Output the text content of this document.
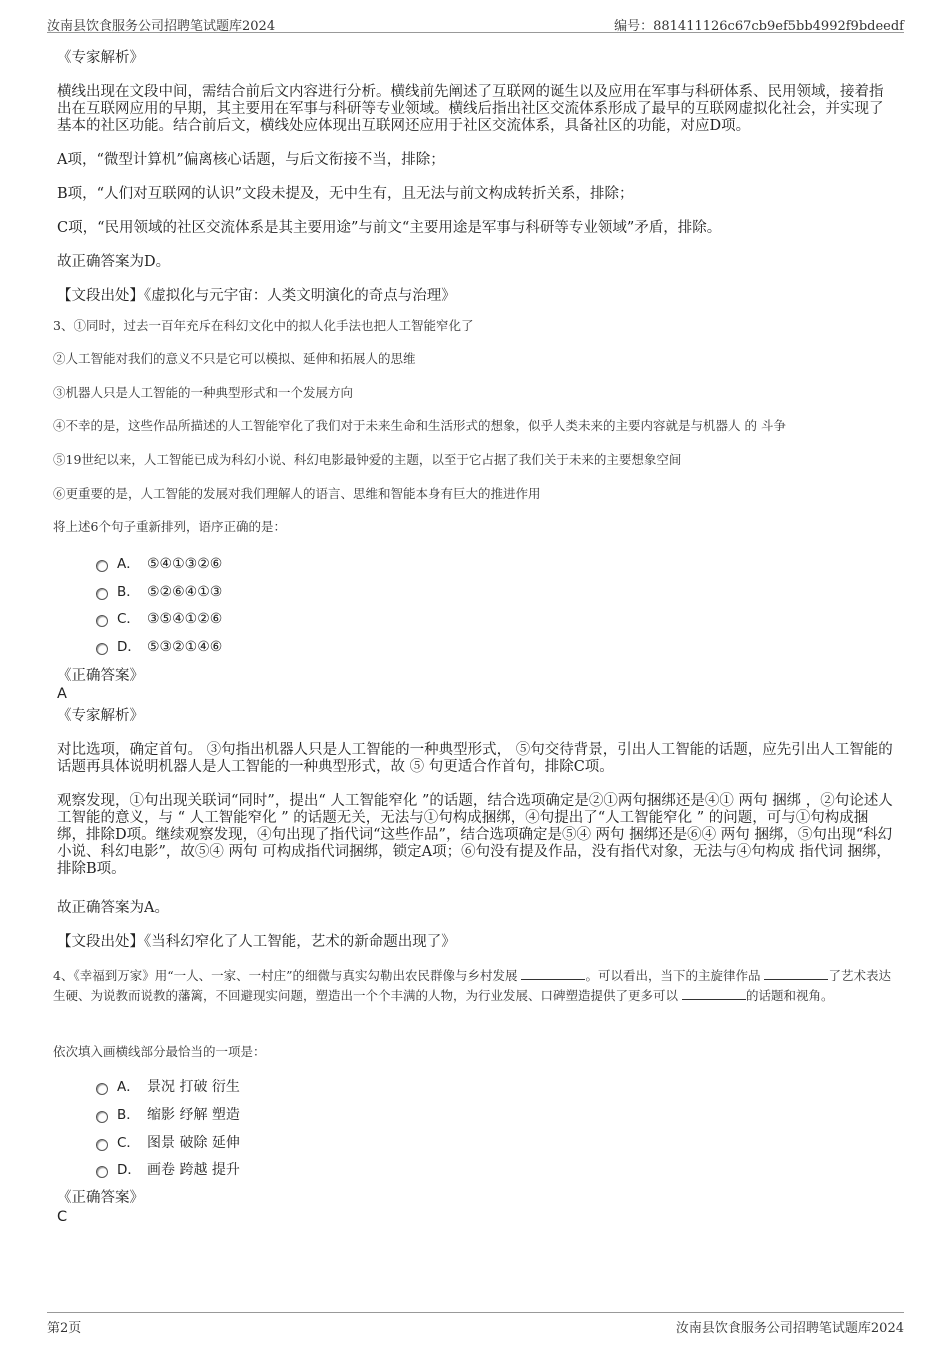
汝南县饮食服务公司招聘笔试题库2024	编号：881411126c67cb9ef5bb4992f9bdeedf
《专家解析》
横线出现在文段中间，需结合前后文内容进行分析。横线前先阐述了互联网的诞生以及应用在军事与科研体系、民用领域，接着指出在互联网应用的早期，其主要用在军事与科研等专业领域。横线后指出社区交流体系形成了最早的互联网虚拟化社会，并实现了基本的社区功能。结合前后文，横线处应体现出互联网还应用于社区交流体系，具备社区的功能，对应D项。
A项，“微型计算机”偏离核心话题，与后文衔接不当，排除；
B项，“人们对互联网的认识”文段未提及，无中生有，且无法与前文构成转折关系，排除；
C项，“民用领域的社区交流体系是其主要用途”与前文“主要用途是军事与科研等专业领域”矛盾，排除。
故正确答案为D。
【文段出处】《虚拟化与元宇宙：人类文明演化的奇点与治理》
3、①同时，过去一百年充斥在科幻文化中的拟人化手法也把人工智能窄化了
②人工智能对我们的意义不只是它可以模拟、延伸和拓展人的思维
③机器人只是人工智能的一种典型形式和一个发展方向
④不幸的是，这些作品所描述的人工智能窄化了我们对于未来生命和生活形式的想象，似乎人类未来的主要内容就是与机器人 的 斗争
⑤19世纪以来，人工智能已成为科幻小说、科幻电影最钟爱的主题，以至于它占据了我们关于未来的主要想象空间
⑥更重要的是，人工智能的发展对我们理解人的语言、思维和智能本身有巨大的推进作用
将上述6个句子重新排列，语序正确的是：
A． ⑤④①③②⑥
B． ⑤②⑥④①③
C． ③⑤④①②⑥
D． ⑤③②①④⑥
《正确答案》
A
《专家解析》
对比选项，确定首句。 ③句指出机器人只是人工智能的一种典型形式， ⑤句交待背景，引出人工智能的话题，应先引出人工智能的话题再具体说明机器人是人工智能的一种典型形式，故 ⑤ 句更适合作首句，排除C项。
观察发现，①句出现关联词“同时”，提出“ 人工智能窄化 ”的话题，结合选项确定是②①两句捆绑还是④① 两句 捆绑 ，②句论述人工智能的意义，与 “ 人工智能窄化 ” 的话题无关，无法与①句构成捆绑，④句提出了“人工智能窄化 ” 的问题，可与①句构成捆绑，排除D项。继续观察发现，④句出现了指代词“这些作品”，结合选项确定是⑤④ 两句 捆绑还是⑥④ 两句 捆绑，⑤句出现“科幻小说、科幻电影”，故⑤④ 两句 可构成指代词捆绑，锁定A项；⑥句没有提及作品，没有指代对象，无法与④句构成 指代词 捆绑，排除B项。
故正确答案为A。
【文段出处】《当科幻窄化了人工智能，艺术的新命题出现了》
4、《幸福到万家》用“一人、一家、一村庄”的细微与真实勾勒出农民群像与乡村发展	。可以看出，当下的主旋律作品	了艺术表达生硬、为说教而说教的藩篱，不回避现实问题，塑造出一个个丰满的人物，为行业发展、口碑塑造提供了更多可以	的话题和视角。
依次填入画横线部分最恰当的一项是：
A． 景况 打破 衍生
B． 缩影 纾解 塑造
C． 图景 破除 延伸
D． 画卷 跨越 提升
《正确答案》
C
第2页	汝南县饮食服务公司招聘笔试题库2024
